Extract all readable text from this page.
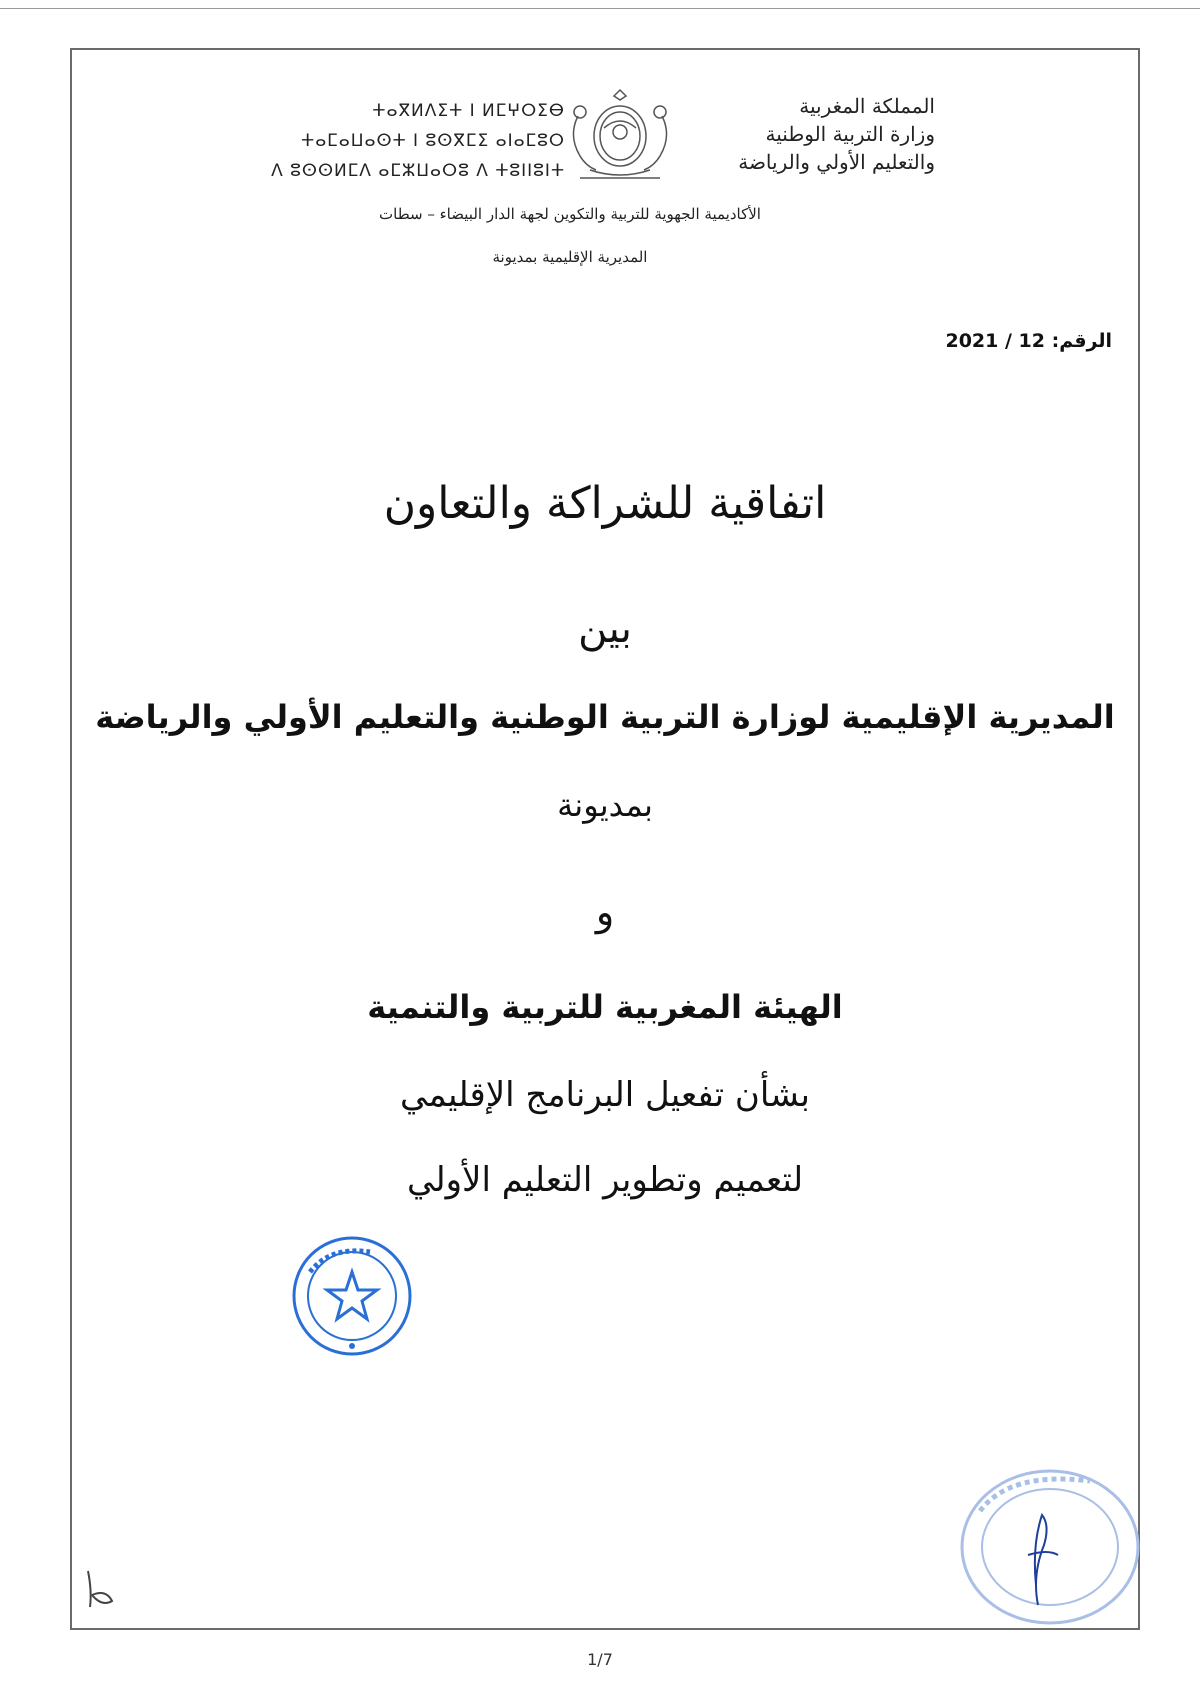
ⵜⴰⴳⵍⴷⵉⵜ ⵏ ⵍⵎⵖⵔⵉⴱ
ⵜⴰⵎⴰⵡⴰⵙⵜ ⵏ ⵓⵙⴳⵎⵉ ⴰⵏⴰⵎⵓⵔ
ⴷ ⵓⵙⵙⵍⵎⴷ ⴰⵎⵣⵡⴰⵔⵓ ⴷ ⵜⵓⵏⵏⵓⵏⵜ
المملكة المغربية
وزارة التربية الوطنية
والتعليم الأولي والرياضة
الأكاديمية الجهوية للتربية والتكوين لجهة الدار البيضاء – سطات
المديرية الإقليمية بمديونة
الرقم: 2021 / 12
اتفاقية للشراكة والتعاون
بين
المديرية الإقليمية لوزارة التربية الوطنية والتعليم الأولي والرياضة
بمديونة
و
الهيئة المغربية للتربية والتنمية
بشأن تفعيل البرنامج الإقليمي
لتعميم وتطوير التعليم الأولي
1/7
